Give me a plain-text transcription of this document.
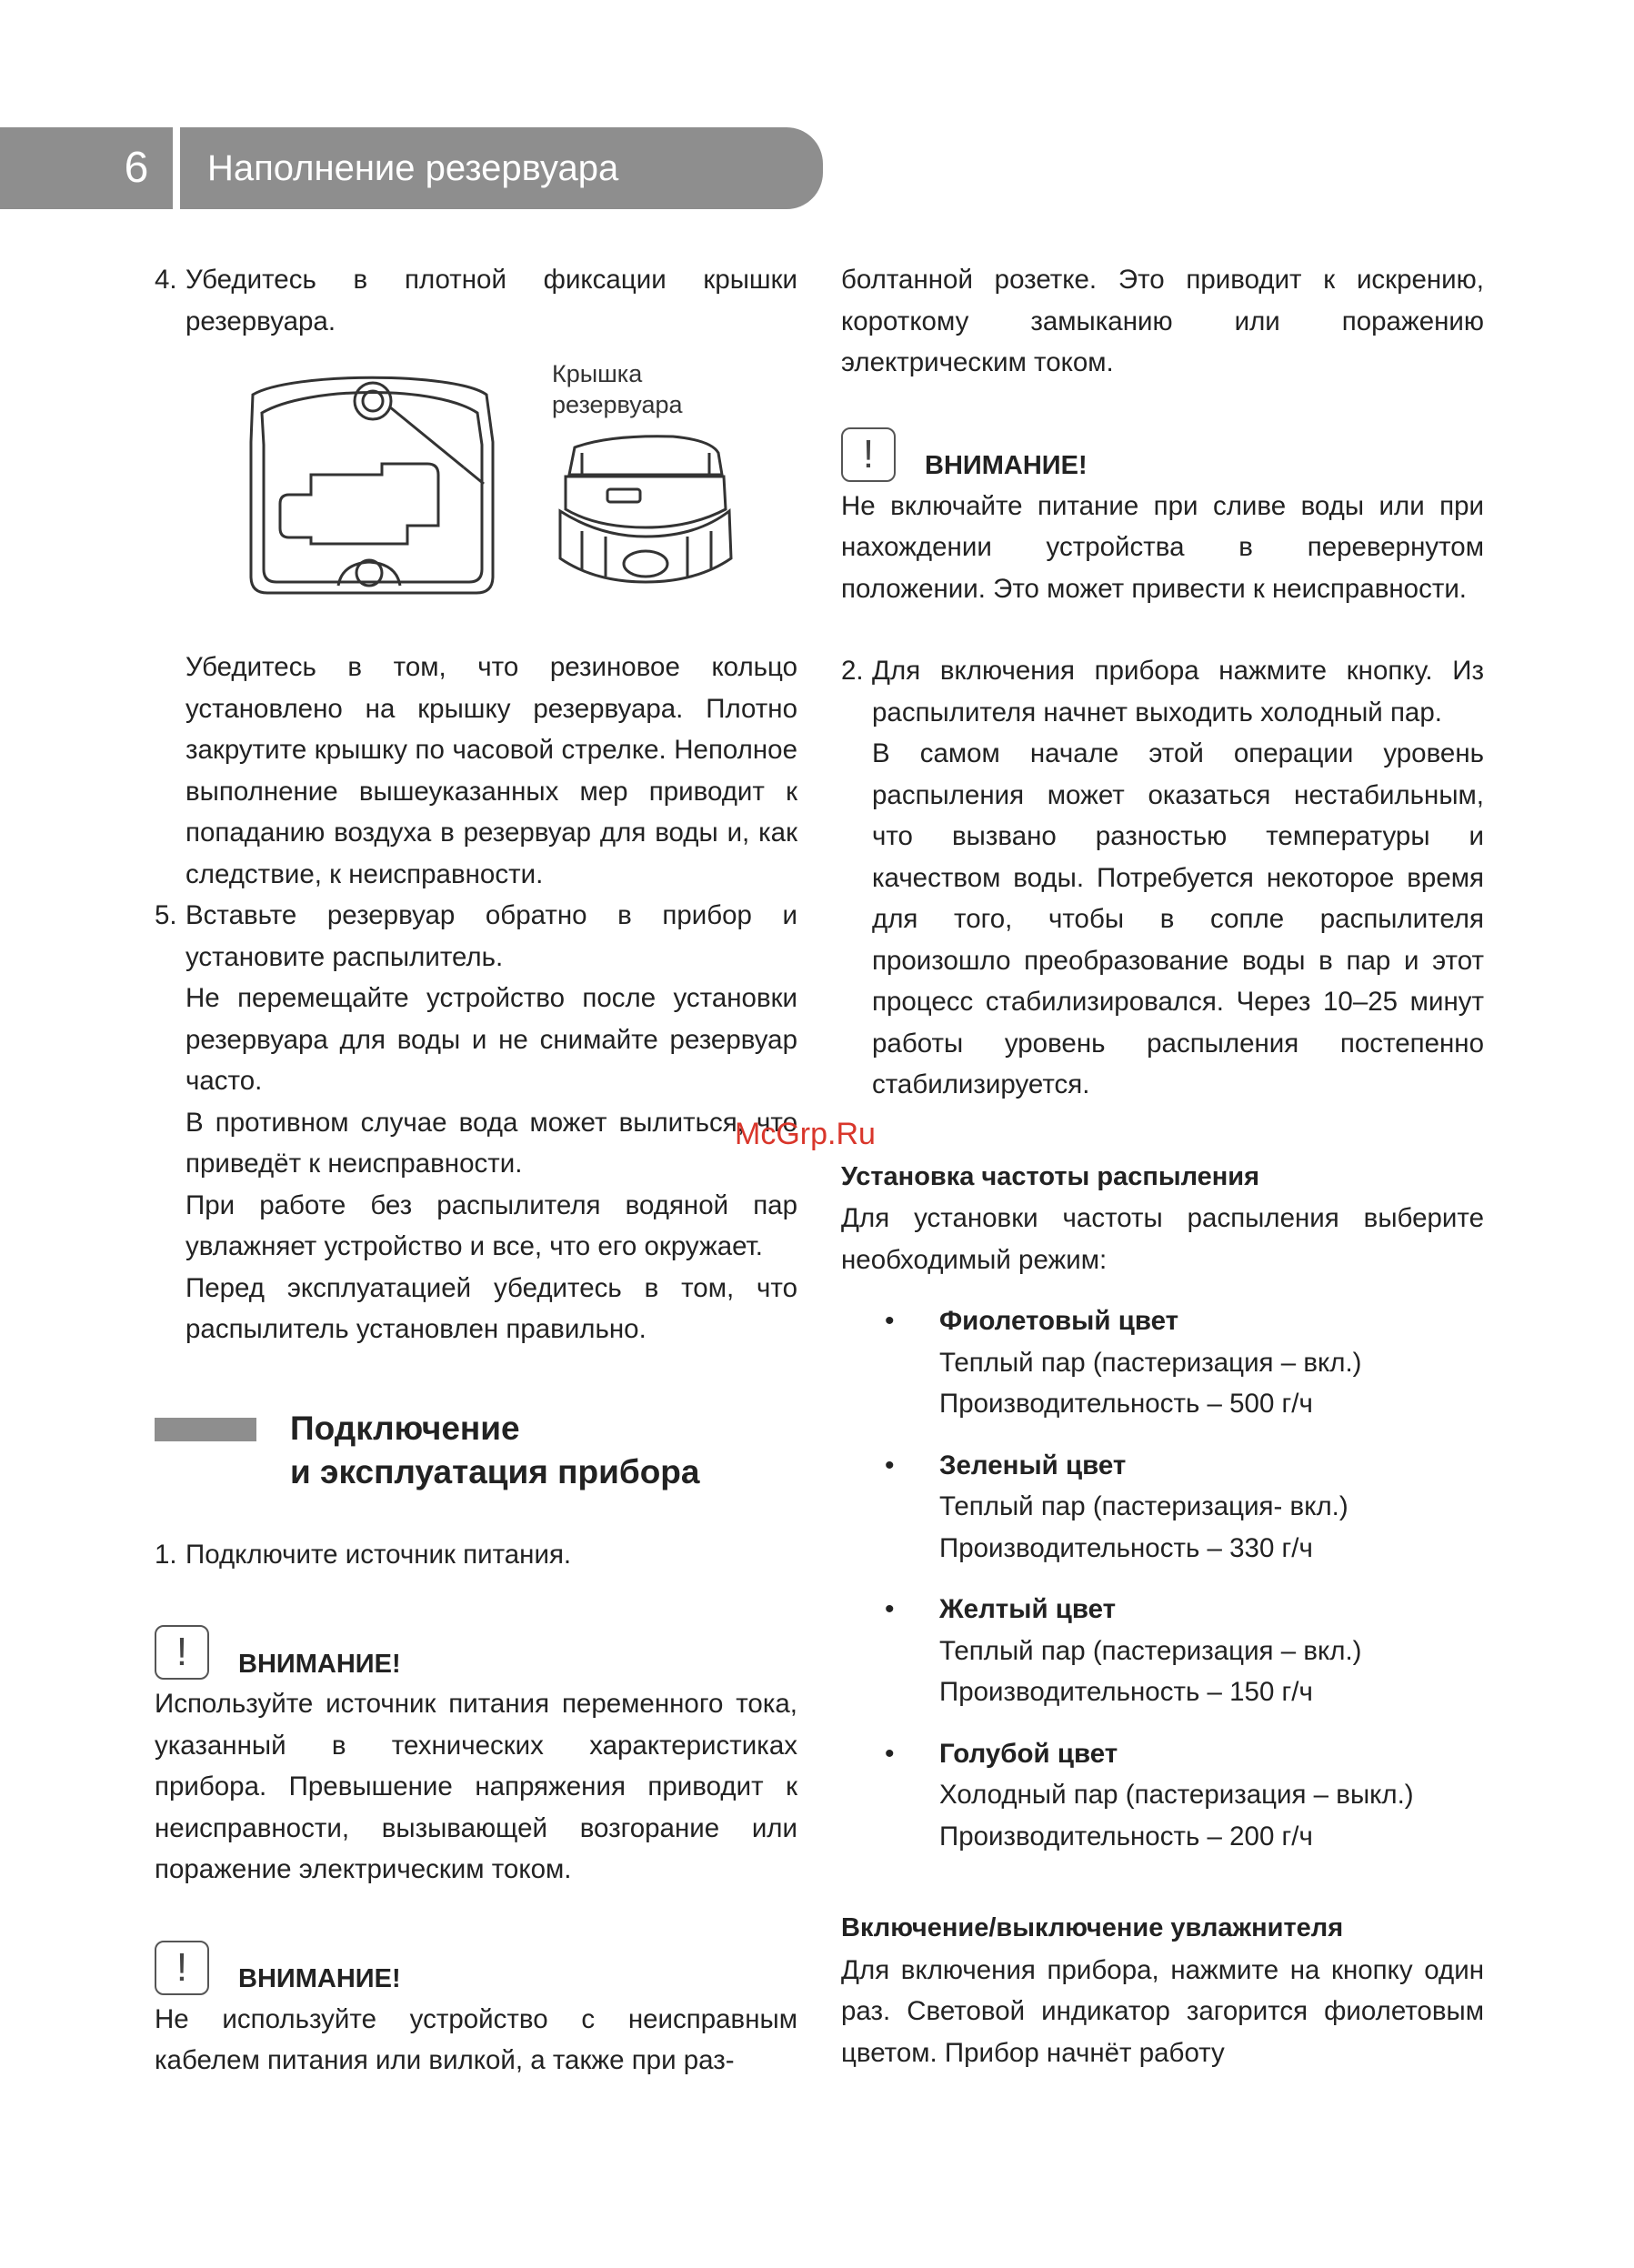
6 Наполнение резервуара
4. Убедитесь в плотной фиксации крышки резервуара.

Крышка
резервуара

Убедитесь в том, что резиновое кольцо установлено на крышку резервуара. Плотно закрутите крышку по часовой стрелке. Неполное выполнение вышеуказанных мер приводит к попаданию воздуха в резервуар для воды и, как следствие, к неисправности.

5. Вставьте резервуар обратно в прибор и установите распылитель.

Не перемещайте устройство после установки резервуара для воды и не снимайте резервуар часто.

В противном случае вода может вылиться, что приведёт к неисправности.

При работе без распылителя водяной пар увлажняет устройство и все, что его окружает.

Перед эксплуатацией убедитесь в том, что распылитель установлен правильно.

Подключение
и эксплуатация прибора
1. Подключите источник питания.

!	ВНИМАНИЕ!

Используйте источник питания переменного тока, указанный в технических характеристиках прибора. Превышение напряжения приводит к неисправности, вызывающей возгорание или поражение электрическим током.

!	ВНИМАНИЕ!

Не используйте устройство с неисправным кабелем питания или вилкой, а также при раз-

болтанной розетке. Это приводит к искрению, короткому замыканию или поражению электрическим током.

!	ВНИМАНИЕ!

Не включайте питание при сливе воды или при нахождении устройства в перевернутом положении. Это может привести к неисправности.

2. Для включения прибора нажмите кнопку. Из распылителя начнет выходить холодный пар.

В самом начале этой операции уровень распыления может оказаться нестабильным, что вызвано разностью температуры и качеством воды. Потребуется некоторое время для того, чтобы в сопле распылителя произошло преобразование воды в пар и этот процесс стабилизировался. Через 10–25 минут работы уровень распыления постепенно стабилизируется.

Установка частоты распыления

Для установки частоты распыления выберите необходимый режим:

•	Фиолетовый цвет
Теплый пар (пастеризация – вкл.)
Производительность – 500 г/ч
•	Зеленый цвет
Теплый пар (пастеризация- вкл.)
Производительность – 330 г/ч
•	Желтый цвет
Теплый пар (пастеризация – вкл.)
Производительность – 150 г/ч
•	Голубой цвет
Холодный пар (пастеризация – выкл.)
Производительность – 200 г/ч
Включение/выключение увлажнителя

Для включения прибора, нажмите на кнопку один раз. Световой индикатор загорится фиолетовым цветом. Прибор начнёт работу

McGrp.Ru
